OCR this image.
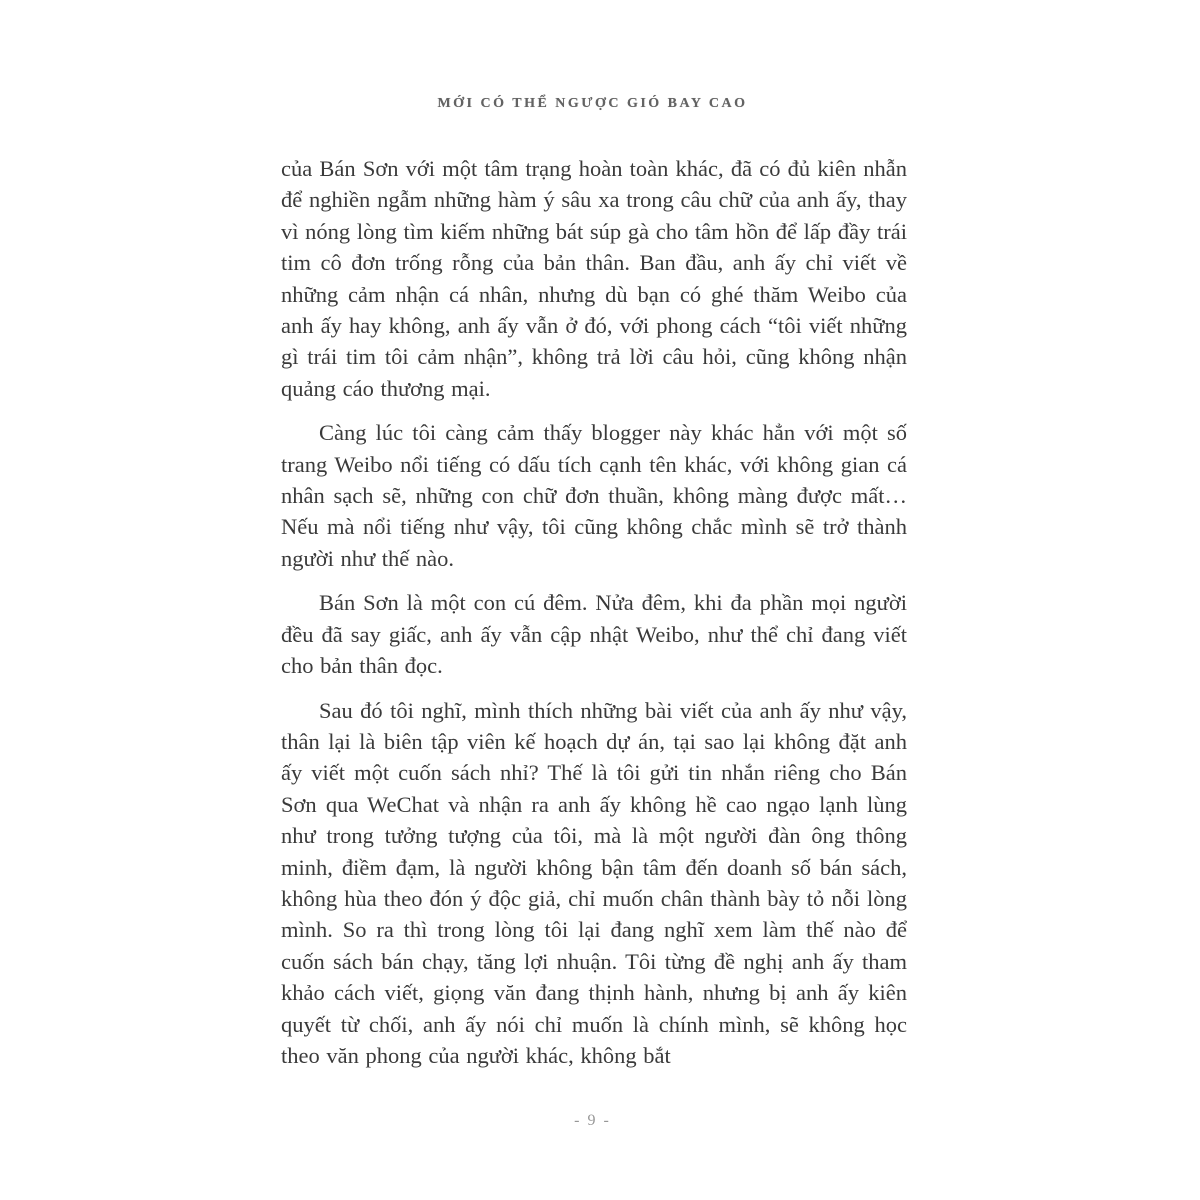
MỚI CÓ THỂ NGƯỢC GIÓ BAY CAO

của Bán Sơn với một tâm trạng hoàn toàn khác, đã có đủ kiên nhẫn để nghiền ngẫm những hàm ý sâu xa trong câu chữ của anh ấy, thay vì nóng lòng tìm kiếm những bát súp gà cho tâm hồn để lấp đầy trái tim cô đơn trống rỗng của bản thân. Ban đầu, anh ấy chỉ viết về những cảm nhận cá nhân, nhưng dù bạn có ghé thăm Weibo của anh ấy hay không, anh ấy vẫn ở đó, với phong cách “tôi viết những gì trái tim tôi cảm nhận”, không trả lời câu hỏi, cũng không nhận quảng cáo thương mại.

Càng lúc tôi càng cảm thấy blogger này khác hẳn với một số trang Weibo nổi tiếng có dấu tích cạnh tên khác, với không gian cá nhân sạch sẽ, những con chữ đơn thuần, không màng được mất… Nếu mà nổi tiếng như vậy, tôi cũng không chắc mình sẽ trở thành người như thế nào.

Bán Sơn là một con cú đêm. Nửa đêm, khi đa phần mọi người đều đã say giấc, anh ấy vẫn cập nhật Weibo, như thể chỉ đang viết cho bản thân đọc.

Sau đó tôi nghĩ, mình thích những bài viết của anh ấy như vậy, thân lại là biên tập viên kế hoạch dự án, tại sao lại không đặt anh ấy viết một cuốn sách nhỉ? Thế là tôi gửi tin nhắn riêng cho Bán Sơn qua WeChat và nhận ra anh ấy không hề cao ngạo lạnh lùng như trong tưởng tượng của tôi, mà là một người đàn ông thông minh, điềm đạm, là người không bận tâm đến doanh số bán sách, không hùa theo đón ý độc giả, chỉ muốn chân thành bày tỏ nỗi lòng mình. So ra thì trong lòng tôi lại đang nghĩ xem làm thế nào để cuốn sách bán chạy, tăng lợi nhuận. Tôi từng đề nghị anh ấy tham khảo cách viết, giọng văn đang thịnh hành, nhưng bị anh ấy kiên quyết từ chối, anh ấy nói chỉ muốn là chính mình, sẽ không học theo văn phong của người khác, không bắt

- 9 -
